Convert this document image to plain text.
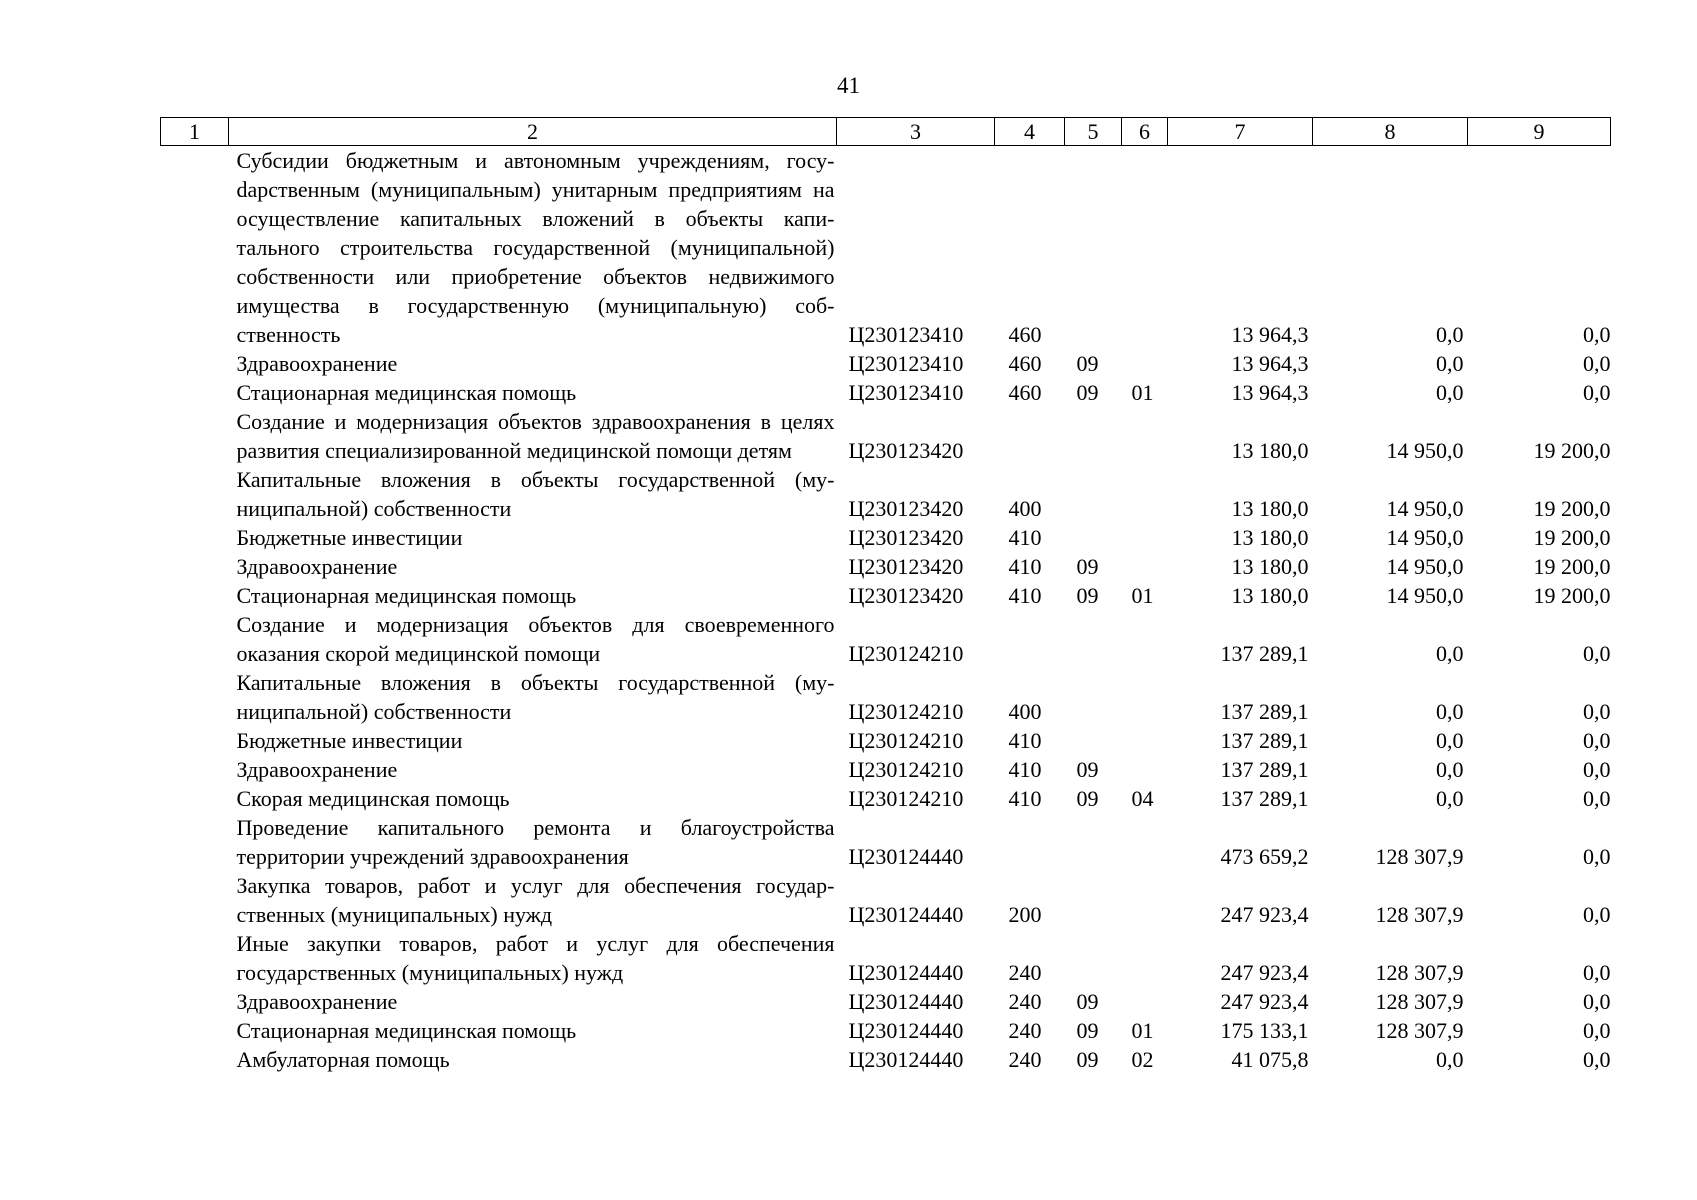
41
1	2	3	4	5	6	7	8	9
	Субсидии бюджетным и автономным учреждениям, госуdарственным (муниципальным) унитарным предприятиям на осуществление капитальных вложений в объекты капитального строительства государственной (муниципальной) собственности или приобретение объектов недвижимого имущества в государственную (муниципальную) собственность	Ц230123410	460			13 964,3	0,0	0,0
	Здравоохранение	Ц230123410	460	09		13 964,3	0,0	0,0
	Стационарная медицинская помощь	Ц230123410	460	09	01	13 964,3	0,0	0,0
	Создание и модернизация объектов здравоохранения в целях развития специализированной медицинской помощи детям	Ц230123420				13 180,0	14 950,0	19 200,0
	Капитальные вложения в объекты государственной (муниципальной) собственности	Ц230123420	400			13 180,0	14 950,0	19 200,0
	Бюджетные инвестиции	Ц230123420	410			13 180,0	14 950,0	19 200,0
	Здравоохранение	Ц230123420	410	09		13 180,0	14 950,0	19 200,0
	Стационарная медицинская помощь	Ц230123420	410	09	01	13 180,0	14 950,0	19 200,0
	Создание и модернизация объектов для своевременного оказания скорой медицинской помощи	Ц230124210				137 289,1	0,0	0,0
	Капитальные вложения в объекты государственной (муниципальной) собственности	Ц230124210	400			137 289,1	0,0	0,0
	Бюджетные инвестиции	Ц230124210	410			137 289,1	0,0	0,0
	Здравоохранение	Ц230124210	410	09		137 289,1	0,0	0,0
	Скорая медицинская помощь	Ц230124210	410	09	04	137 289,1	0,0	0,0
	Проведение капитального ремонта и благоустройства территории учреждений здравоохранения	Ц230124440				473 659,2	128 307,9	0,0
	Закупка товаров, работ и услуг для обеспечения государственных (муниципальных) нужд	Ц230124440	200			247 923,4	128 307,9	0,0
	Иные закупки товаров, работ и услуг для обеспечения государственных (муниципальных) нужд	Ц230124440	240			247 923,4	128 307,9	0,0
	Здравоохранение	Ц230124440	240	09		247 923,4	128 307,9	0,0
	Стационарная медицинская помощь	Ц230124440	240	09	01	175 133,1	128 307,9	0,0
	Амбулаторная помощь	Ц230124440	240	09	02	41 075,8	0,0	0,0
